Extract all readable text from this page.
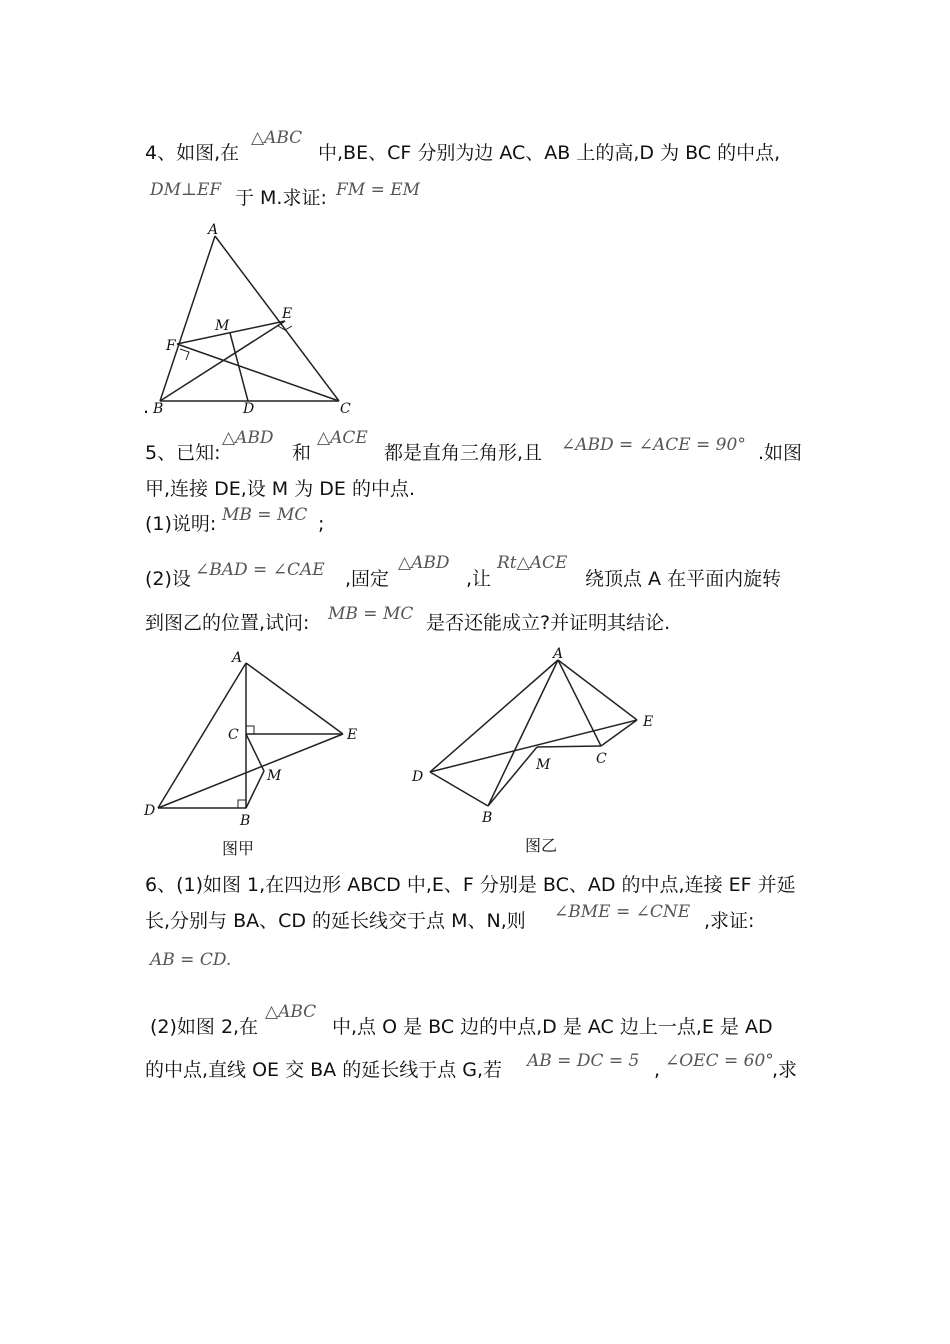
4、如图,在
△ABC
中,BE、CF 分别为边 AC、AB 上的高,D 为 BC 的中点,
DM⊥EF 于 M.求证: FM = EM
A
E
M
F
B	D	C
.
5、已知:
△ABD
和
△ACE
都是直角三角形,且 ∠ABD = ∠ACE = 90° .如图
甲,连接 DE,设 M 为 DE 的中点.
(1)说明: MB = MC ;
(2)设 ∠BAD = ∠CAE ,固定
△ABD
,让
Rt△ACE
绕顶点 A 在平面内旋转
到图乙的位置,试问: MB = MC 是否还能成立?并证明其结论.
A
C	E
M
D
B
图甲
A
E
M	C
D
B
图乙
6、(1)如图 1,在四边形 ABCD 中,E、F 分别是 BC、AD 的中点,连接 EF 并延
长,分别与 BA、CD 的延长线交于点 M、N,则 ∠BME = ∠CNE ,求证:
AB = CD.
(2)如图 2,在
△ABC
中,点 O 是 BC 边的中点,D 是 AC 边上一点,E 是 AD
的中点,直线 OE 交 BA 的延长线于点 G,若 AB = DC = 5 , ∠OEC = 60°
,求
